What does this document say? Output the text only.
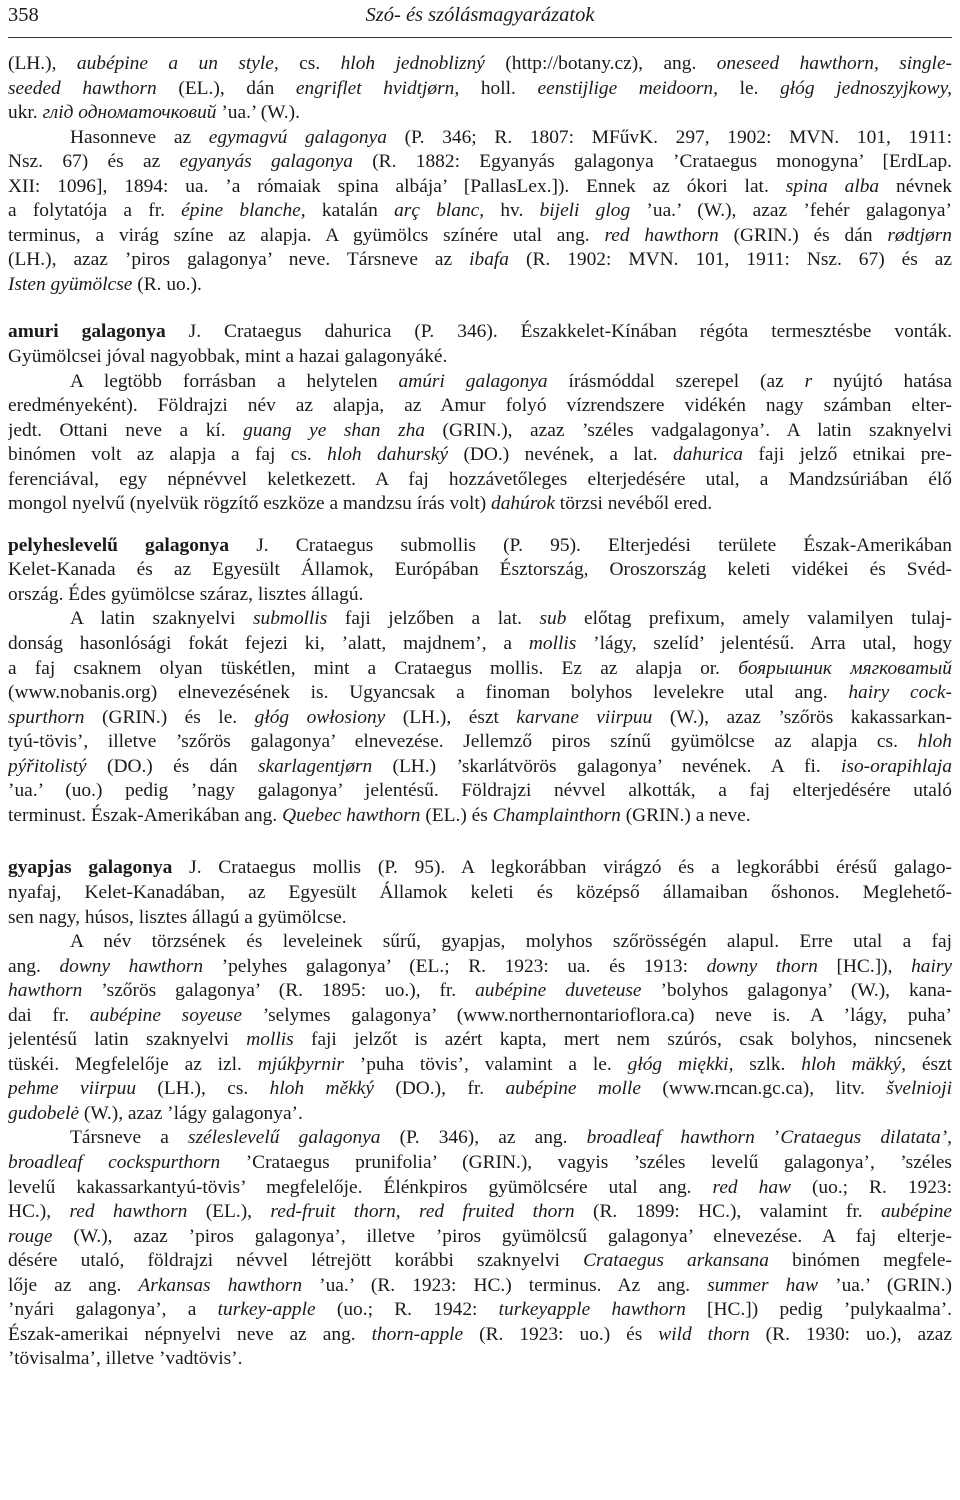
358	Szó- és szólásmagyarázatok
(LH.), aubépine a un style, cs. hloh jednoblizný (http://botany.cz), ang. oneseed hawthorn, single-
seeded hawthorn (EL.), dán engriflet hvidtjørn, holl. eenstijlige meidoorn, le. głóg jednoszyjkowy,
ukr. глід одноматочковий ’ua.’ (W.).
Hasonneve az egymagvú galagonya (P. 346; R. 1807: MFűvK. 297, 1902: MVN. 101, 1911:
Nsz. 67) és az egyanyás galagonya (R. 1882: Egyanyás galagonya ’Crataegus monogyna’ [ErdLap.
XII: 1096], 1894: ua. ’a rómaiak spina albája’ [PallasLex.]). Ennek az ókori lat. spina alba névnek
a folytatója a fr. épine blanche, katalán arç blanc, hv. bijeli glog ’ua.’ (W.), azaz ’fehér galagonya’
terminus, a virág színe az alapja. A gyümölcs színére utal ang. red hawthorn (GRIN.) és dán rødtjørn
(LH.), azaz ’piros galagonya’ neve. Társneve az ibafa (R. 1902: MVN. 101, 1911: Nsz. 67) és az
Isten gyümölcse (R. uo.).
amuri galagonya J. Crataegus dahurica (P. 346). Északkelet-Kínában régóta termesztésbe vonták.
Gyümölcsei jóval nagyobbak, mint a hazai galagonyáké.
A legtöbb forrásban a helytelen amúri galagonya írásmóddal szerepel (az r nyújtó hatása
eredményeként). Földrajzi név az alapja, az Amur folyó vízrendszere vidékén nagy számban elter-
jedt. Ottani neve a kí. guang ye shan zha (GRIN.), azaz ’széles vadgalagonya’. A latin szaknyelvi
binómen volt az alapja a faj cs. hloh dahurský (DO.) nevének, a lat. dahurica faji jelző etnikai pre-
ferenciával, egy népnévvel keletkezett. A faj hozzávetőleges elterjedésére utal, a Mandzsúriában élő
mongol nyelvű (nyelvük rögzítő eszköze a mandzsu írás volt) dahúrok törzsi nevéből ered.
pelyheslevelű galagonya J. Crataegus submollis (P. 95). Elterjedési területe Észak-Amerikában
Kelet-Kanada és az Egyesült Államok, Európában Észtország, Oroszország keleti vidékei és Svéd-
ország. Édes gyümölcse száraz, lisztes állagú.
A latin szaknyelvi submollis faji jelzőben a lat. sub előtag prefixum, amely valamilyen tulaj-
donság hasonlósági fokát fejezi ki, ’alatt, majdnem’, a mollis ’lágy, szelíd’ jelentésű. Arra utal, hogy
a faj csaknem olyan tüskétlen, mint a Crataegus mollis. Ez az alapja or. боярышник мягковатый
(www.nobanis.org) elnevezésének is. Ugyancsak a finoman bolyhos levelekre utal ang. hairy cock-
spurthorn (GRIN.) és le. głóg owłosiony (LH.), észt karvane viirpuu (W.), azaz ’szőrös kakassarkan-
tyú-tövis’, illetve ’szőrös galagonya’ elnevezése. Jellemző piros színű gyümölcse az alapja cs. hloh
pýřitolistý (DO.) és dán skarlagentjørn (LH.) ’skarlátvörös galagonya’ nevének. A fi. iso-orapihlaja
’ua.’ (uo.) pedig ’nagy galagonya’ jelentésű. Földrajzi névvel alkották, a faj elterjedésére utaló
terminust. Észak-Amerikában ang. Quebec hawthorn (EL.) és Champlainthorn (GRIN.) a neve.
gyapjas galagonya J. Crataegus mollis (P. 95). A legkorábban virágzó és a legkorábbi érésű galago-
nyafaj, Kelet-Kanadában, az Egyesült Államok keleti és középső államaiban őshonos. Meglehető-
sen nagy, húsos, lisztes állagú a gyümölcse.
A név törzsének és leveleinek sűrű, gyapjas, molyhos szőrösségén alapul. Erre utal a faj
ang. downy hawthorn ’pelyhes galagonya’ (EL.; R. 1923: ua. és 1913: downy thorn [HC.]), hairy
hawthorn ’szőrös galagonya’ (R. 1895: uo.), fr. aubépine duveteuse ’bolyhos galagonya’ (W.), kana-
dai fr. aubépine soyeuse ’selymes galagonya’ (www.northernontarioflora.ca) neve is. A ’lágy, puha’
jelentésű latin szaknyelvi mollis faji jelzőt is azért kapta, mert nem szúrós, csak bolyhos, nincsenek
tüskéi. Megfelelője az izl. mjúkþyrnir ’puha tövis’, valamint a le. głóg miękki, szlk. hloh mäkký, észt
pehme viirpuu (LH.), cs. hloh měkký (DO.), fr. aubépine molle (www.rncan.gc.ca), litv. švelnioji
gudobelė (W.), azaz ’lágy galagonya’.
Társneve a széleslevelű galagonya (P. 346), az ang. broadleaf hawthorn ’Crataegus dilatata’,
broadleaf cockspurthorn ’Crataegus prunifolia’ (GRIN.), vagyis ’széles levelű galagonya’, ’széles
levelű kakassarkantyú-tövis’ megfelelője. Élénkpiros gyümölcsére utal ang. red haw (uo.; R. 1923:
HC.), red hawthorn (EL.), red-fruit thorn, red fruited thorn (R. 1899: HC.), valamint fr. aubépine
rouge (W.), azaz ’piros galagonya’, illetve ’piros gyümölcsű galagonya’ elnevezése. A faj elterje-
désére utaló, földrajzi névvel létrejött korábbi szaknyelvi Crataegus arkansana binómen megfele-
lője az ang. Arkansas hawthorn ’ua.’ (R. 1923: HC.) terminus. Az ang. summer haw ’ua.’ (GRIN.)
’nyári galagonya’, a turkey-apple (uo.; R. 1942: turkeyapple hawthorn [HC.]) pedig ’pulykaalma’.
Észak-amerikai népnyelvi neve az ang. thorn-apple (R. 1923: uo.) és wild thorn (R. 1930: uo.), azaz
’tövisalma’, illetve ’vadtövis’.
